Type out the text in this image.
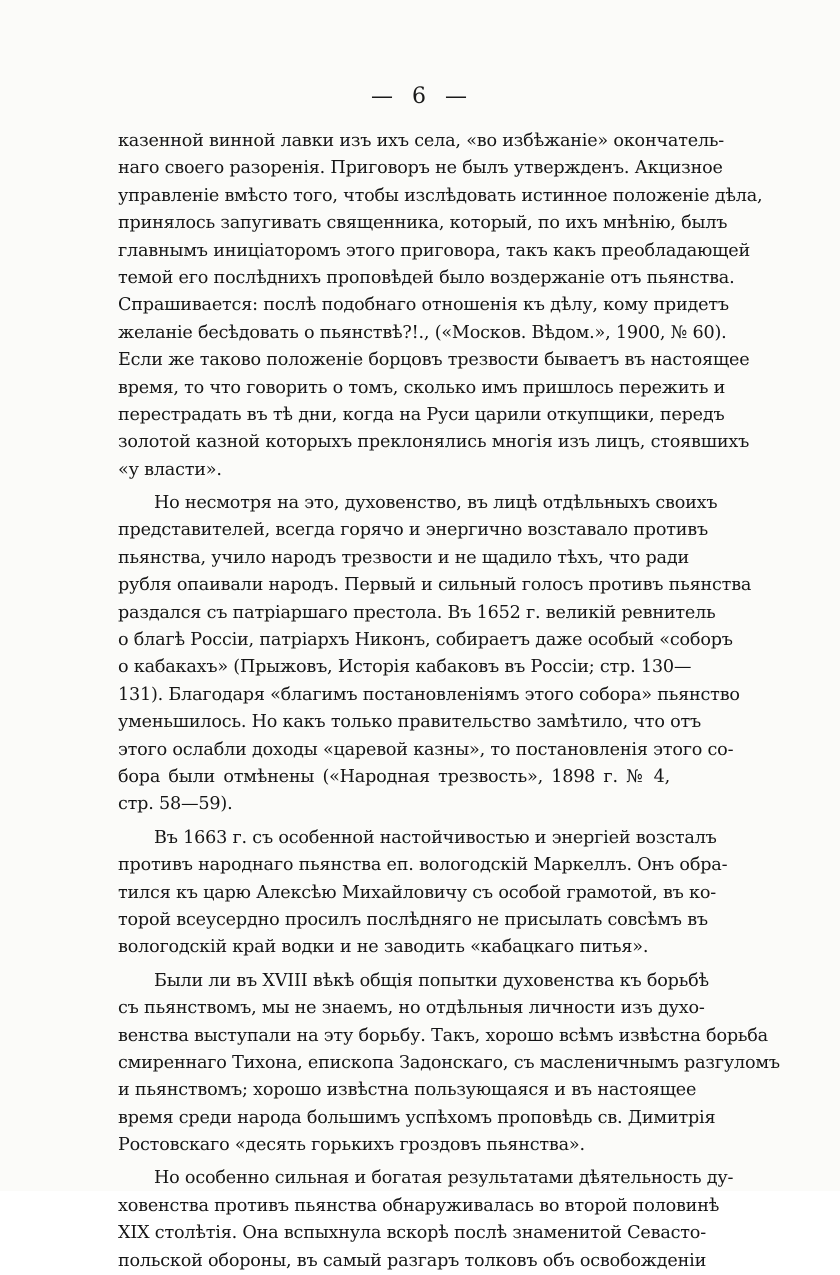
— 6 —
казенной винной лавки изъ ихъ села, «во избѣжаніе» окончатель-
наго своего разоренія. Приговоръ не былъ утвержденъ. Акцизное
управленіе вмѣсто того, чтобы изслѣдовать истинное положеніе дѣла,
принялось запугивать священника, который, по ихъ мнѣнію, былъ
главнымъ иниціаторомъ этого приговора, такъ какъ преобладающей
темой его послѣднихъ проповѣдей было воздержаніе отъ пьянства.
Спрашивается: послѣ подобнаго отношенія къ дѣлу, кому придетъ
желаніе бесѣдовать о пьянствѣ?!., («Москов. Вѣдом.», 1900, № 60).
Если же таково положеніе борцовъ трезвости бываетъ въ настоящее
время, то что говорить о томъ, сколько имъ пришлось пережить и
перестрадать въ тѣ дни, когда на Руси царили откупщики, передъ
золотой казной которыхъ преклонялись многія изъ лицъ, стоявшихъ
«у власти».
Но несмотря на это, духовенство, въ лицѣ отдѣльныхъ своихъ
представителей, всегда горячо и энергично возставало противъ
пьянства, учило народъ трезвости и не щадило тѣхъ, что ради
рубля опаивали народъ. Первый и сильный голосъ противъ пьянства
раздался съ патріаршаго престола. Въ 1652 г. великій ревнитель
о благѣ Россіи, патріархъ Никонъ, собираетъ даже особый «соборъ
о кабакахъ» (Прыжовъ, Исторія кабаковъ въ Россіи; стр. 130—
131). Благодаря «благимъ постановленіямъ этого собора» пьянство
уменьшилось. Но какъ только правительство замѣтило, что отъ
этого ослабли доходы «царевой казны», то постановленія этого со-
бора были отмѣнены («Народная трезвость», 1898 г. № 4,
стр. 58—59).
Въ 1663 г. съ особенной настойчивостью и энергіей возсталъ
противъ народнаго пьянства еп. вологодскій Маркеллъ. Онъ обра-
тился къ царю Алексѣю Михайловичу съ особой грамотой, въ ко-
торой всеусердно просилъ послѣдняго не присылать совсѣмъ въ
вологодскій край водки и не заводить «кабацкаго питья».
Были ли въ XVIII вѣкѣ общія попытки духовенства къ борьбѣ
съ пьянствомъ, мы не знаемъ, но отдѣльныя личности изъ духо-
венства выступали на эту борьбу. Такъ, хорошо всѣмъ извѣстна борьба
смиреннаго Тихона, епископа Задонскаго, съ масленичнымъ разгуломъ
и пьянствомъ; хорошо извѣстна пользующаяся и въ настоящее
время среди народа большимъ успѣхомъ проповѣдь св. Димитрія
Ростовскаго «десять горькихъ гроздовъ пьянства».
Но особенно сильная и богатая результатами дѣятельность ду-
ховенства противъ пьянства обнаруживалась во второй половинѣ
XIX столѣтія. Она вспыхнула вскорѣ послѣ знаменитой Севасто-
польской обороны, въ самый разгаръ толковъ объ освобожденіи
